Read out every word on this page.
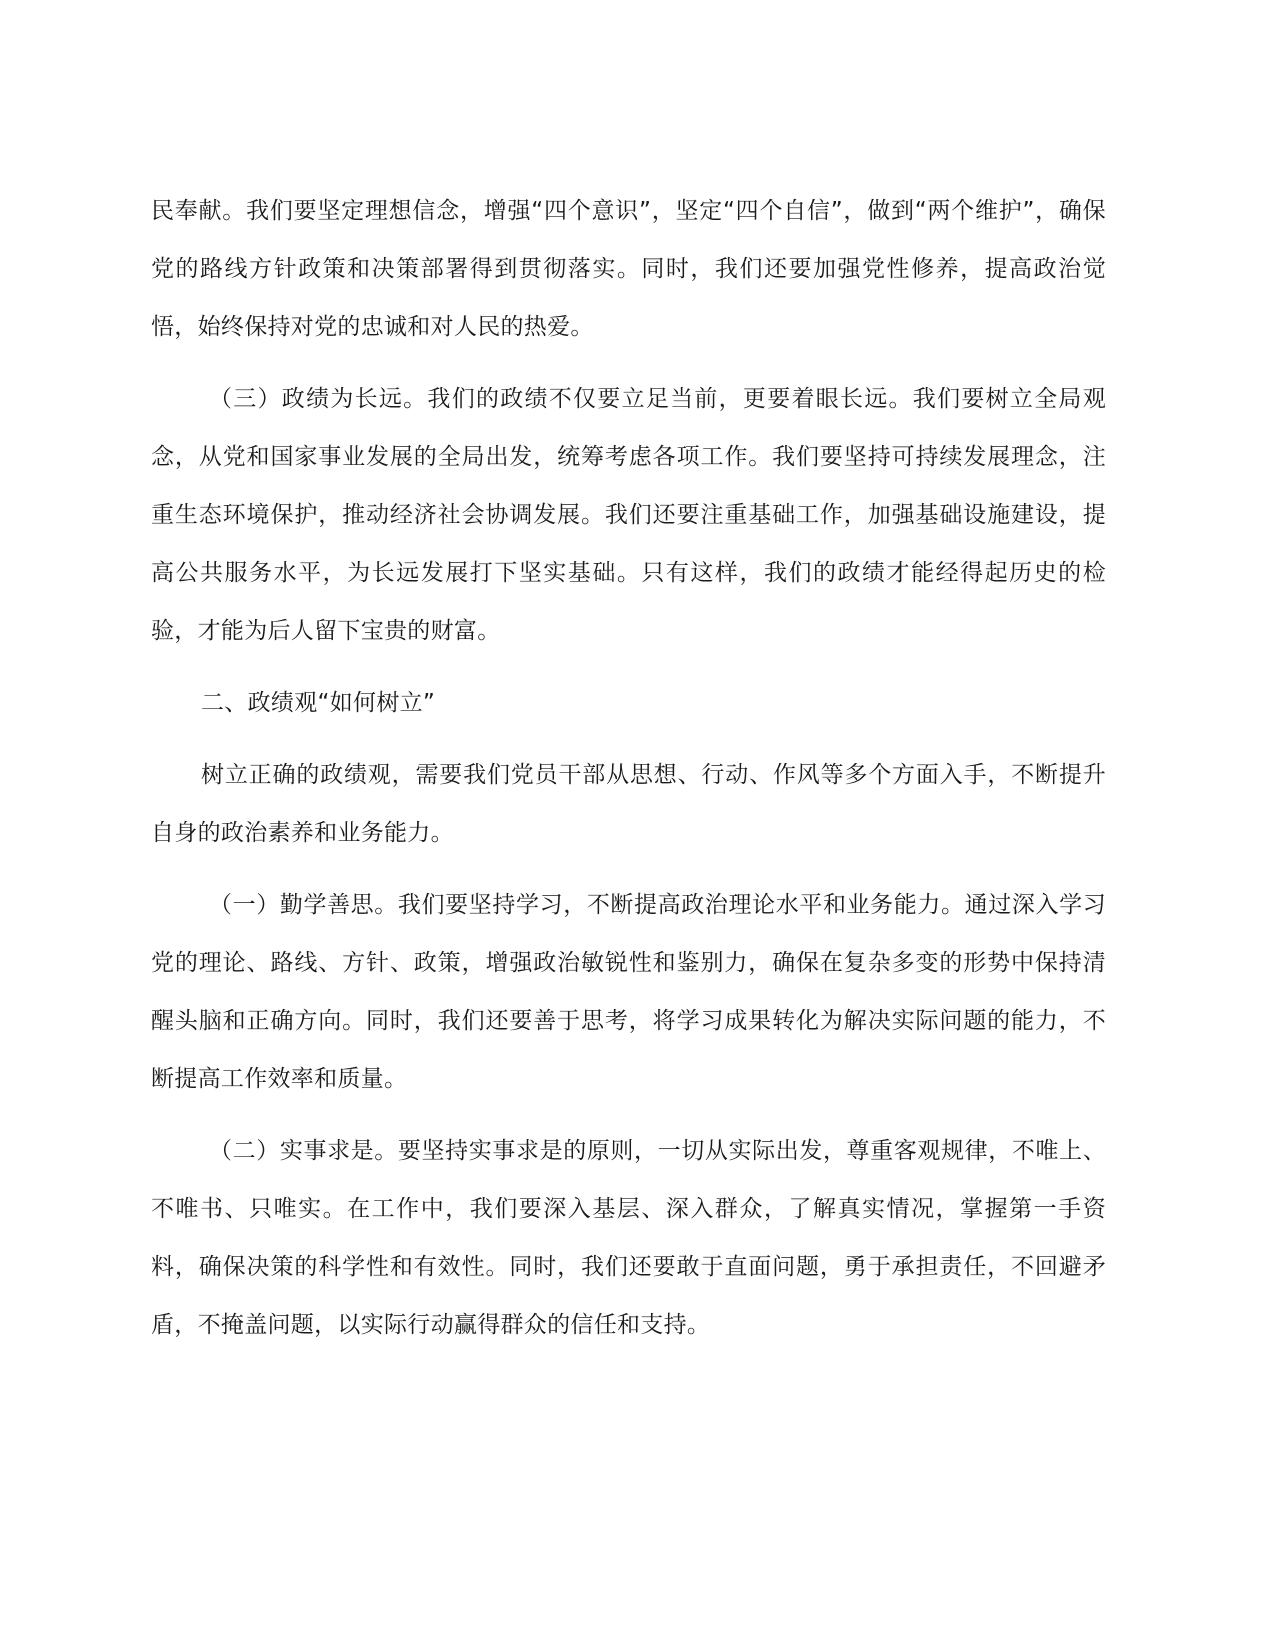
民奉献。我们要坚定理想信念，增强“四个意识”，坚定“四个自信”，做到“两个维护”，确保党的路线方针政策和决策部署得到贯彻落实。同时，我们还要加强党性修养，提高政治觉悟，始终保持对党的忠诚和对人民的热爱。

（三）政绩为长远。我们的政绩不仅要立足当前，更要着眼长远。我们要树立全局观念，从党和国家事业发展的全局出发，统筹考虑各项工作。我们要坚持可持续发展理念，注重生态环境保护，推动经济社会协调发展。我们还要注重基础工作，加强基础设施建设，提高公共服务水平，为长远发展打下坚实基础。只有这样，我们的政绩才能经得起历史的检验，才能为后人留下宝贵的财富。

二、政绩观“如何树立”

树立正确的政绩观，需要我们党员干部从思想、行动、作风等多个方面入手，不断提升自身的政治素养和业务能力。

（一）勤学善思。我们要坚持学习，不断提高政治理论水平和业务能力。通过深入学习党的理论、路线、方针、政策，增强政治敏锐性和鉴别力，确保在复杂多变的形势中保持清醒头脑和正确方向。同时，我们还要善于思考，将学习成果转化为解决实际问题的能力，不断提高工作效率和质量。

（二）实事求是。要坚持实事求是的原则，一切从实际出发，尊重客观规律，不唯上、不唯书、只唯实。在工作中，我们要深入基层、深入群众，了解真实情况，掌握第一手资料，确保决策的科学性和有效性。同时，我们还要敢于直面问题，勇于承担责任，不回避矛盾，不掩盖问题，以实际行动赢得群众的信任和支持。
